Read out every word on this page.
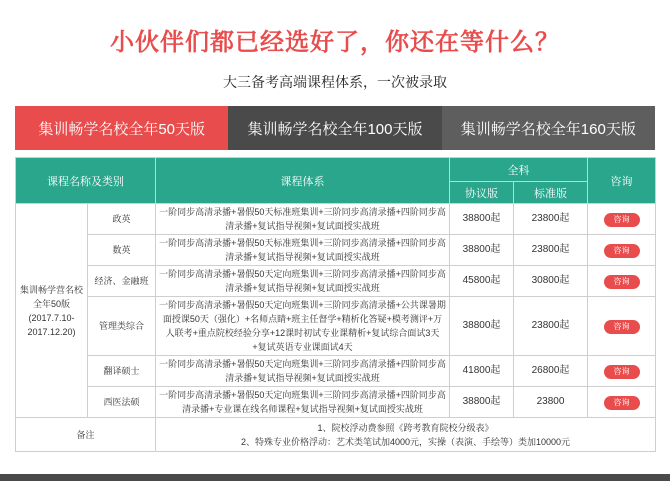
小伙伴们都已经选好了，你还在等什么？
大三备考高端课程体系，一次被录取
集训畅学名校全年50天版	集训畅学名校全年100天版	集训畅学名校全年160天版
课程名称及类别		课程体系	全科		咨询
			协议版	标准版	

集训畅学营名校全年50版
(2017.7.10-2017.12.20)	政英	一阶同步高清录播+暑假50天标准班集训+三阶同步高清录播+四阶同步高清录播+复试指导视频+复试面授实战班	38800起	23800起	咨询
	数英	一阶同步高清录播+暑假50天标准班集训+三阶同步高清录播+四阶同步高清录播+复试指导视频+复试面授实战班	38800起	23800起	咨询
	经济、金融班	一阶同步高清录播+暑假50天定向班集训+三阶同步高清录播+四阶同步高清录播+复试指导视频+复试面授实战班	45800起	30800起	咨询
	管理类综合	一阶同步高清录播+暑假50天定向班集训+三阶同步高清录播+公共课暑期面授课50天（强化）+名师点睛+班主任督学+精析化答疑+模考测评+万人联考+重点院校经验分享+12课时初试专业课精析+复试综合面试3天+复试英语专业课面试4天	38800起	23800起	咨询
	翻译硕士	一阶同步高清录播+暑假50天定向班集训+三阶同步高清录播+四阶同步高清录播+复试指导视频+复试面授实战班	41800起	26800起	咨询
	西医法硕	一阶同步高清录播+暑假50天定向班集训+三阶同步高清录播+四阶同步高清录播+专业课在线名师课程+复试指导视频+复试面授实战班	38800起	23800	咨询
备注		1、院校浮动费参照《跨考教育院校分级表》
2、特殊专业价格浮动：艺术类笔试加4000元，实操（表演、手绘等）类加10000元			
